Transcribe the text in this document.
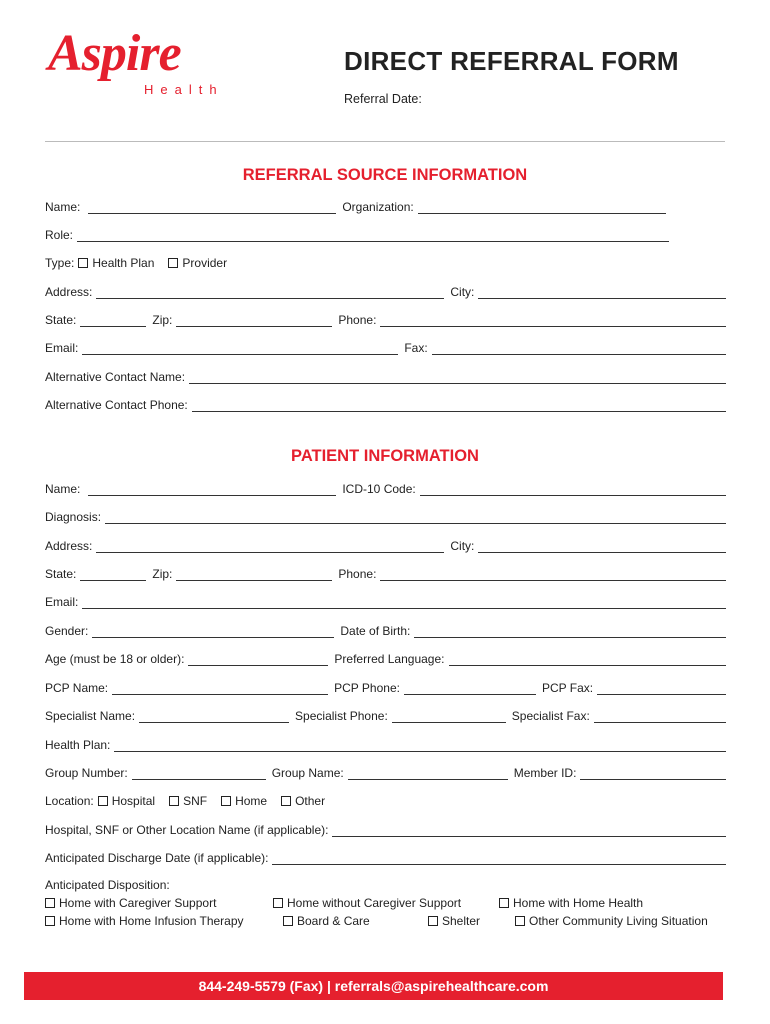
Aspire
Health
DIRECT REFERRAL FORM
Referral Date:
REFERRAL SOURCE INFORMATION
Name:	Organization:
Role:
Type:	Health Plan	Provider
Address:	City:
State:	Zip:	Phone:
Email:	Fax:
Alternative Contact Name:
Alternative Contact Phone:
PATIENT INFORMATION
Name:	ICD-10 Code:
Diagnosis:
Address:	City:
State:	Zip:	Phone:
Email:
Gender:	Date of Birth:
Age (must be 18 or older):	Preferred Language:
PCP Name:	PCP Phone:	PCP Fax:
Specialist Name:	Specialist Phone:	Specialist Fax:
Health Plan:
Group Number:	Group Name:	Member ID:
Location:	Hospital	SNF	Home	Other
Hospital, SNF or Other Location Name (if applicable):
Anticipated Discharge Date (if applicable):
Anticipated Disposition:
Home with Caregiver Support	Home without Caregiver Support	Home with Home Health
Home with Home Infusion Therapy	Board & Care	Shelter	Other Community Living Situation
844-249-5579 (Fax) | referrals@aspirehealthcare.com
